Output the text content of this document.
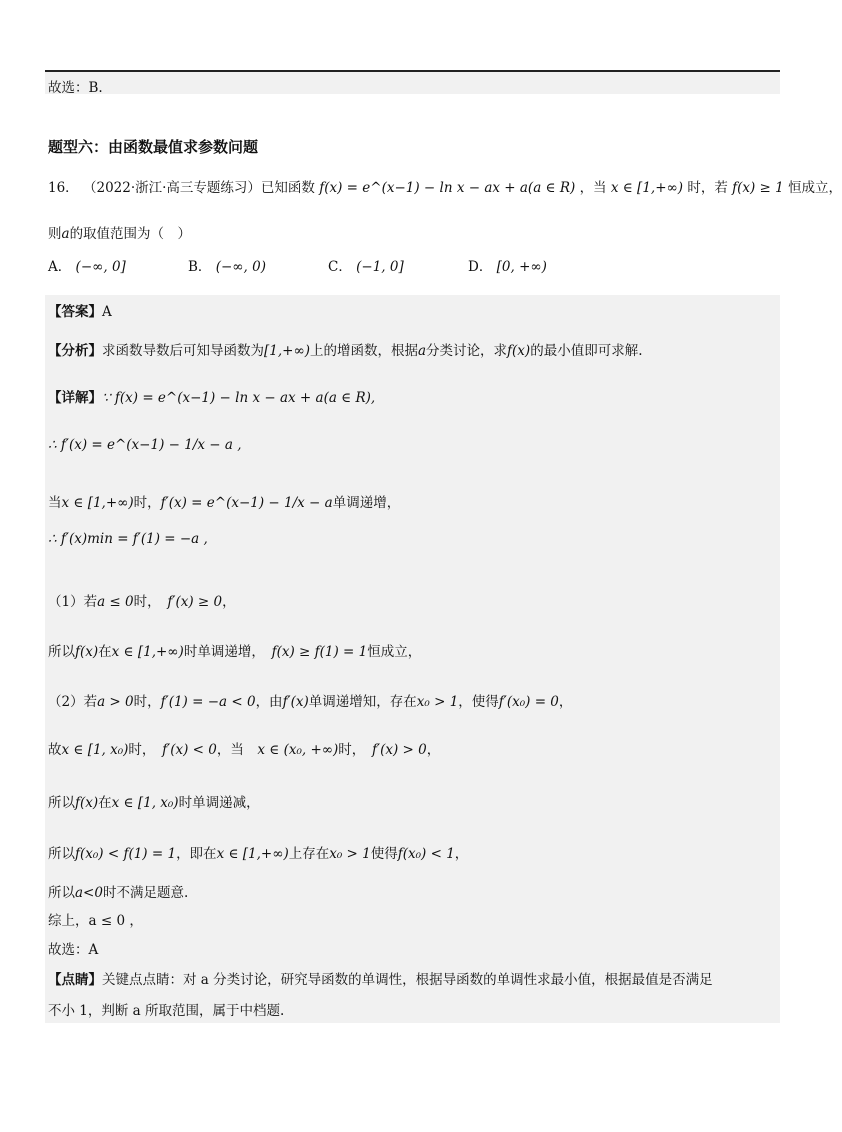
故选：B.
题型六：由函数最值求参数问题
16． （2022·浙江·高三专题练习）已知函数 f(x) = e^(x−1) − ln x − ax + a(a ∈ R) ，当 x ∈ [1,+∞) 时，若 f(x) ≥ 1 恒成立，
则a的取值范围为（　）
A． (−∞, 0]	B． (−∞, 0)	C． (−1, 0]	D． [0, +∞)
【答案】A
【分析】求函数导数后可知导函数为[1,+∞)上的增函数，根据a分类讨论，求f(x)的最小值即可求解.
【详解】∵ f(x) = e^(x−1) − ln x − ax + a(a ∈ R),
∴ f′(x) = e^(x−1) − 1/x − a ,
当x ∈ [1,+∞)时，f′(x) = e^(x−1) − 1/x − a单调递增，
∴ f′(x)min = f′(1) = −a ,
（1）若a ≤ 0时，　 f′(x) ≥ 0，
所以f(x)在x ∈ [1,+∞)时单调递增，　 f(x) ≥ f(1) = 1恒成立，
（2）若a > 0时，f′(1) = −a < 0，由f′(x)单调递增知，存在x₀ > 1，使得f′(x₀) = 0，
故x ∈ [1, x₀)时，　 f′(x) < 0，当　 x ∈ (x₀, +∞)时，　 f′(x) > 0，
所以f(x)在x ∈ [1, x₀)时单调递减，
所以f(x₀) < f(1) = 1，即在x ∈ [1,+∞)上存在x₀ > 1使得f(x₀) < 1，
所以a<0时不满足题意.
综上，a ≤ 0 ，
故选：A
【点睛】关键点点睛：对 a 分类讨论，研究导函数的单调性，根据导函数的单调性求最小值，根据最值是否满足
不小 1，判断 a 所取范围，属于中档题.
